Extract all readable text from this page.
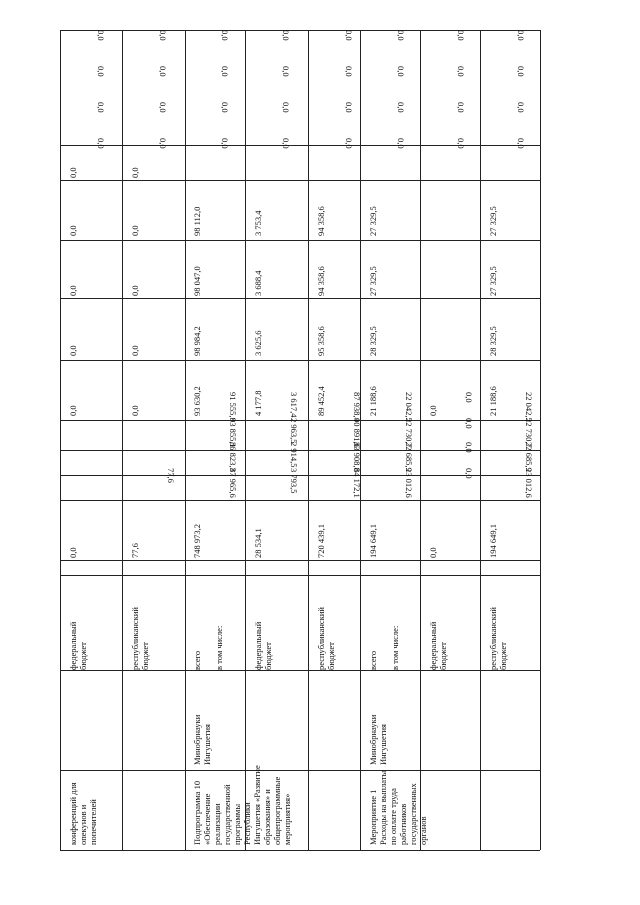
федеральный
бюджет
0,0
0,0
0,0
0,0
0,0
0,0
0,0
0,0
0,0
0,0
республиканский
бюджет
77,6
77,6
0,0
0,0
0,0
0,0
0,0
0,0
0,0
0,0
0,0
всего в том числе:
748 973,2
87 965,6
86 823,3
93 855,1
91 555,8
93 630,2
98 984,2
98 047,0
98 112,0
0,0
0,0
0,0
0,0
федеральный
бюджет
28 534,1
3 793,5
2 914,5
2 963,5
3 617,4
4 177,8
3 625,6
3 688,4
3 753,4
0,0
0,0
0,0
0,0
республиканский
бюджет
720 439,1
84 172,1
83 908,8
90 891,6
87 938,4
89 452,4
95 358,6
94 358,6
94 358,6
0,0
0,0
0,0
0,0
всего в том числе:
194 649,1
23 012,6
22 685,9
22 730,7
22 042,5
21 188,6
28 329,5
27 329,5
27 329,5
0,0
0,0
0,0
0,0
федеральный
бюджет
0,0
0,0
0,0
0,0
0,0
0,0
0,0
0,0
0,0
0,0
республиканский
бюджет
194 649,1
23 012,6
22 685,9
22 730,7
22 042,5
21 188,6
28 329,5
27 329,5
27 329,5
0,0
0,0
0,0
0,0
конференций для
опекунов и
попечителей	Подпрограмма 10
«Обеспечение
реализации
государственной
программы
Республики
Ингушетия «Развитие
образования» и
общепрограммные
мероприятия»
Минобрнауки
Ингушетия
Мероприятие 1
Расходы на выплаты
по оплате труда
работников
государственных
органов
Минобрнауки
Ингушетия
